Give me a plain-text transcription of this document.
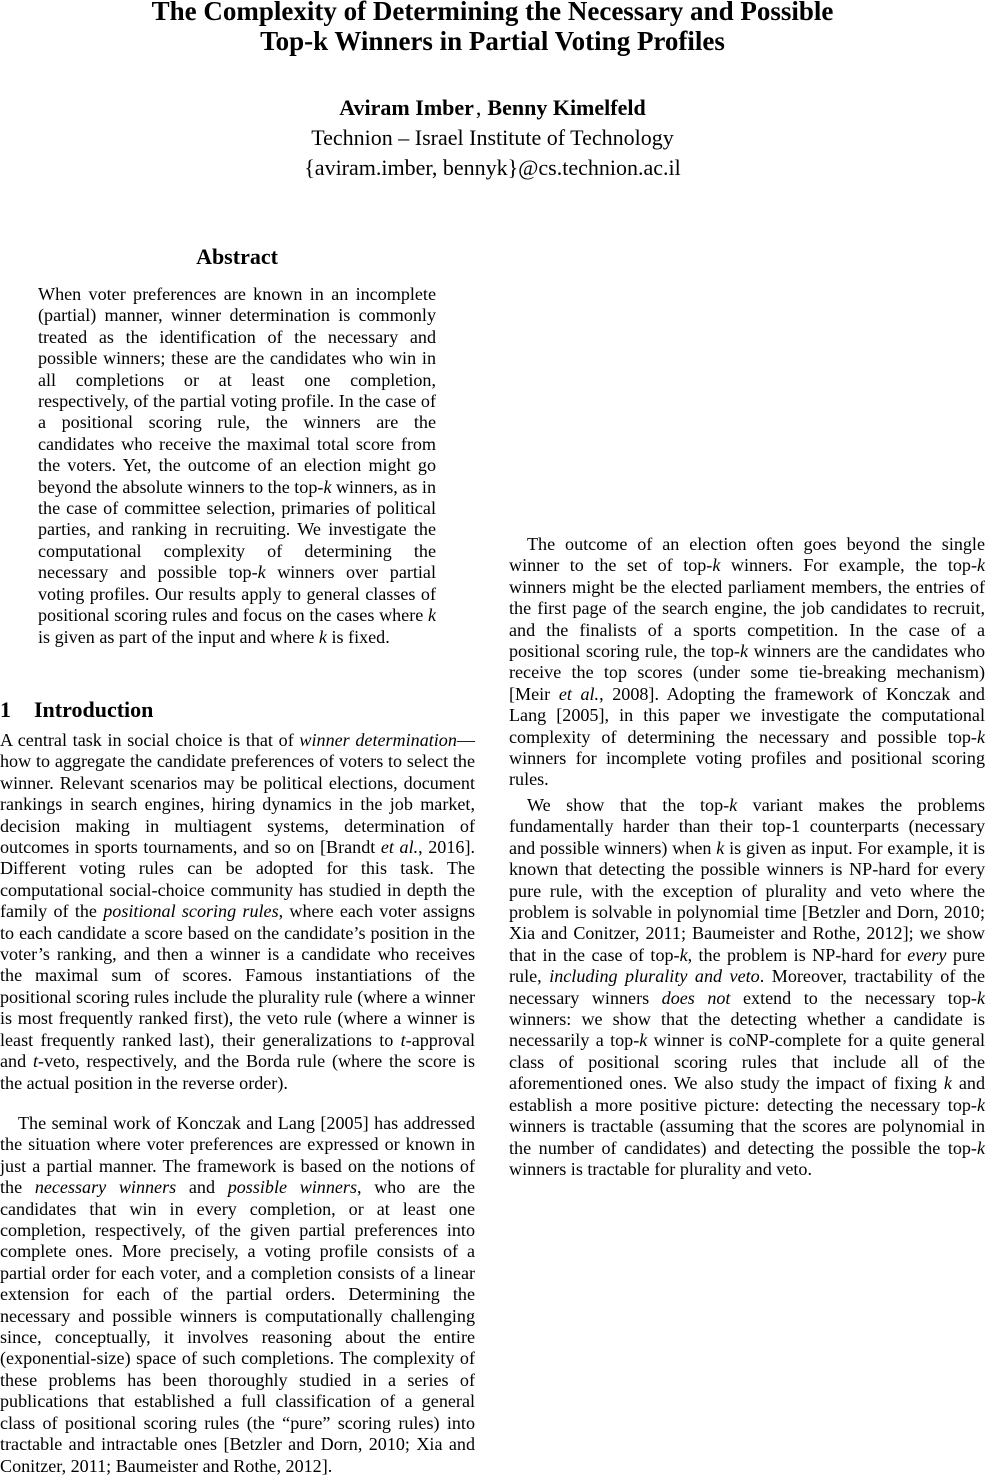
The Complexity of Determining the Necessary and Possible
Top-k Winners in Partial Voting Profiles
Aviram Imber, Benny Kimelfeld
Technion – Israel Institute of Technology
{aviram.imber, bennyk}@cs.technion.ac.il
Abstract

When voter preferences are known in an incomplete (partial) manner, winner determination is commonly treated as the identification of the necessary and possible winners; these are the candidates who win in all completions or at least one completion, respectively, of the partial voting profile. In the case of a positional scoring rule, the winners are the candidates who receive the maximal total score from the voters. Yet, the outcome of an election might go beyond the absolute winners to the top-k winners, as in the case of committee selection, primaries of political parties, and ranking in recruiting. We investigate the computational complexity of determining the necessary and possible top-k winners over partial voting profiles. Our results apply to general classes of positional scoring rules and focus on the cases where k is given as part of the input and where k is fixed.

1 Introduction

A central task in social choice is that of winner determination—how to aggregate the candidate preferences of voters to select the winner. Relevant scenarios may be political elections, document rankings in search engines, hiring dynamics in the job market, decision making in multiagent systems, determination of outcomes in sports tournaments, and so on [Brandt et al., 2016]. Different voting rules can be adopted for this task. The computational social-choice community has studied in depth the family of the positional scoring rules, where each voter assigns to each candidate a score based on the candidate’s position in the voter’s ranking, and then a winner is a candidate who receives the maximal sum of scores. Famous instantiations of the positional scoring rules include the plurality rule (where a winner is most frequently ranked first), the veto rule (where a winner is least frequently ranked last), their generalizations to t-approval and t-veto, respectively, and the Borda rule (where the score is the actual position in the reverse order).

The seminal work of Konczak and Lang [2005] has addressed the situation where voter preferences are expressed or known in just a partial manner. The framework is based on the notions of the necessary winners and possible winners, who are the candidates that win in every completion, or at least one completion, respectively, of the given partial preferences into complete ones. More precisely, a voting profile consists of a partial order for each voter, and a completion consists of a linear extension for each of the partial orders. Determining the necessary and possible winners is computationally challenging since, conceptually, it involves reasoning about the entire (exponential-size) space of such completions. The complexity of these problems has been thoroughly studied in a series of publications that established a full classification of a general class of positional scoring rules (the “pure” scoring rules) into tractable and intractable ones [Betzler and Dorn, 2010; Xia and Conitzer, 2011; Baumeister and Rothe, 2012].

We show that the top-k variant makes the problems fundamentally harder than their top-1 counterparts (necessary and possible winners) when k is given as input. For example, it is known that detecting the possible winners is NP-hard for every pure rule, with the exception of plurality and veto where the problem is solvable in polynomial time [Betzler and Dorn, 2010; Xia and Conitzer, 2011; Baumeister and Rothe, 2012]; we show that in the case of top-k, the problem is NP-hard for every pure rule, including plurality and veto. Moreover, tractability of the necessary winners does not extend to the necessary top-k winners: we show that the detecting whether a candidate is necessarily a top-k winner is coNP-complete for a quite general class of positional scoring rules that include all of the aforementioned ones. We also study the impact of fixing k and establish a more positive picture: detecting the necessary top-k winners is tractable (assuming that the scores are polynomial in the number of candidates) and detecting the possible the top-k winners is tractable for plurality and veto.

The outcome of an election often goes beyond the single winner to the set of top-k winners. For example, the top-k winners might be the elected parliament members, the entries of the first page of the search engine, the job candidates to recruit, and the finalists of a sports competition. In the case of a positional scoring rule, the top-k winners are the candidates who receive the top scores (under some tie-breaking mechanism) [Meir et al., 2008]. Adopting the framework of Konczak and Lang [2005], in this paper we investigate the computational complexity of determining the necessary and possible top-k winners for incomplete voting profiles and positional scoring rules.
